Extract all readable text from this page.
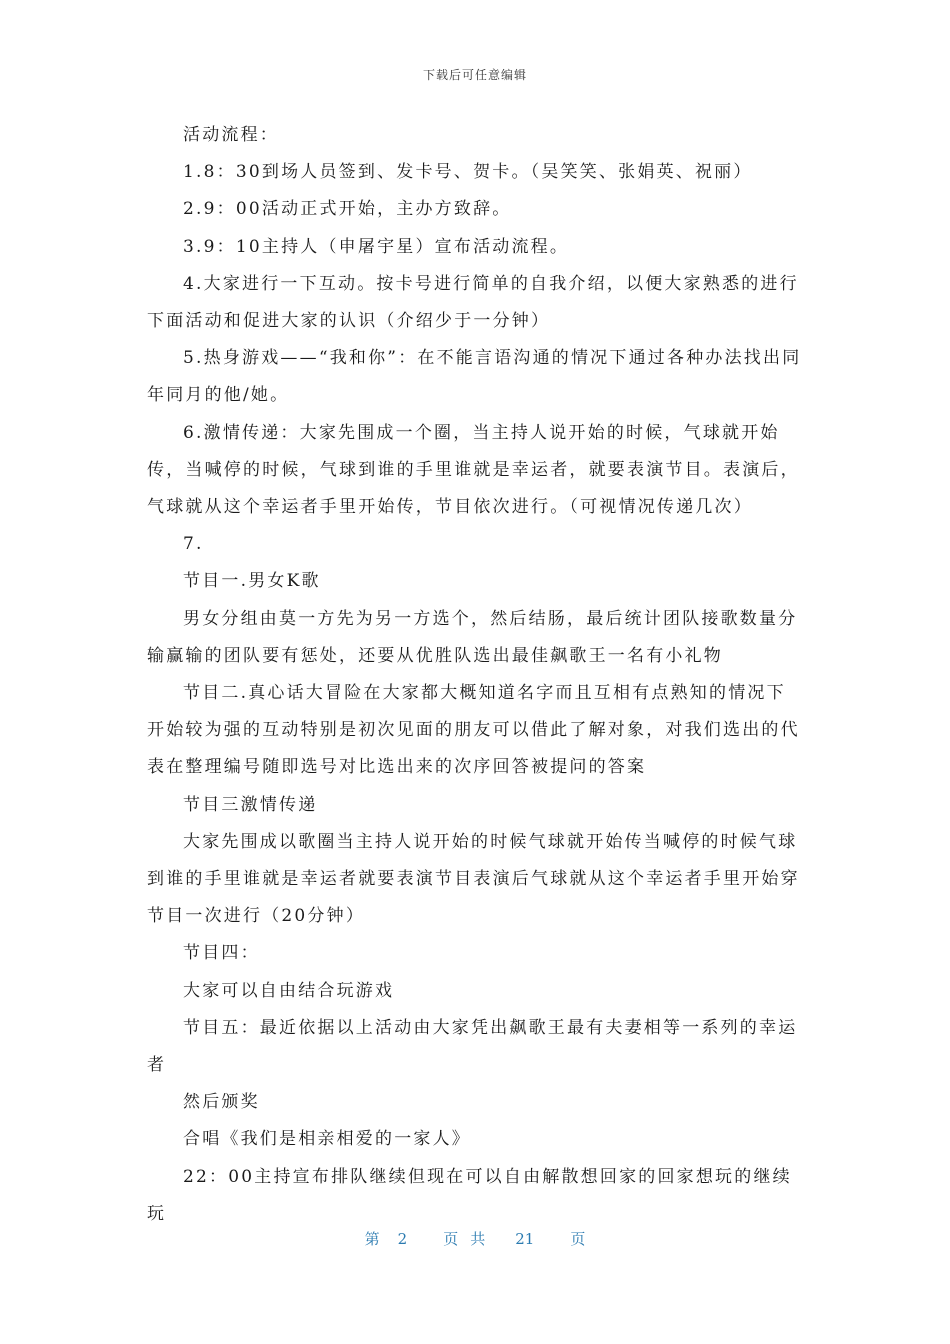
下载后可任意编辑

活动流程：

1.8：30到场人员签到、发卡号、贺卡。（吴笑笑、张娟英、祝丽）

2.9：00活动正式开始，主办方致辞。

3.9：10主持人（申屠宇星）宣布活动流程。

4.大家进行一下互动。按卡号进行简单的自我介绍，以便大家熟悉的进行下面活动和促进大家的认识（介绍少于一分钟）

5.热身游戏——“我和你”：在不能言语沟通的情况下通过各种办法找出同年同月的他/她。

6.激情传递：大家先围成一个圈，当主持人说开始的时候，气球就开始传，当喊停的时候，气球到谁的手里谁就是幸运者，就要表演节目。表演后，气球就从这个幸运者手里开始传，节目依次进行。（可视情况传递几次）

7.

节目一.男女K歌

男女分组由莫一方先为另一方选个，然后结肠，最后统计团队接歌数量分输赢输的团队要有惩处，还要从优胜队选出最佳飙歌王一名有小礼物

节目二.真心话大冒险在大家都大概知道名字而且互相有点熟知的情况下开始较为强的互动特别是初次见面的朋友可以借此了解对象，对我们选出的代表在整理编号随即选号对比选出来的次序回答被提问的答案

节目三激情传递

大家先围成以歌圈当主持人说开始的时候气球就开始传当喊停的时候气球到谁的手里谁就是幸运者就要表演节目表演后气球就从这个幸运者手里开始穿节目一次进行（20分钟）

节目四：

大家可以自由结合玩游戏

节目五：最近依据以上活动由大家凭出飙歌王最有夫妻相等一系列的幸运者

然后颁奖

合唱《我们是相亲相爱的一家人》

22：00主持宣布排队继续但现在可以自由解散想回家的回家想玩的继续玩

第 2 页共 21 页
